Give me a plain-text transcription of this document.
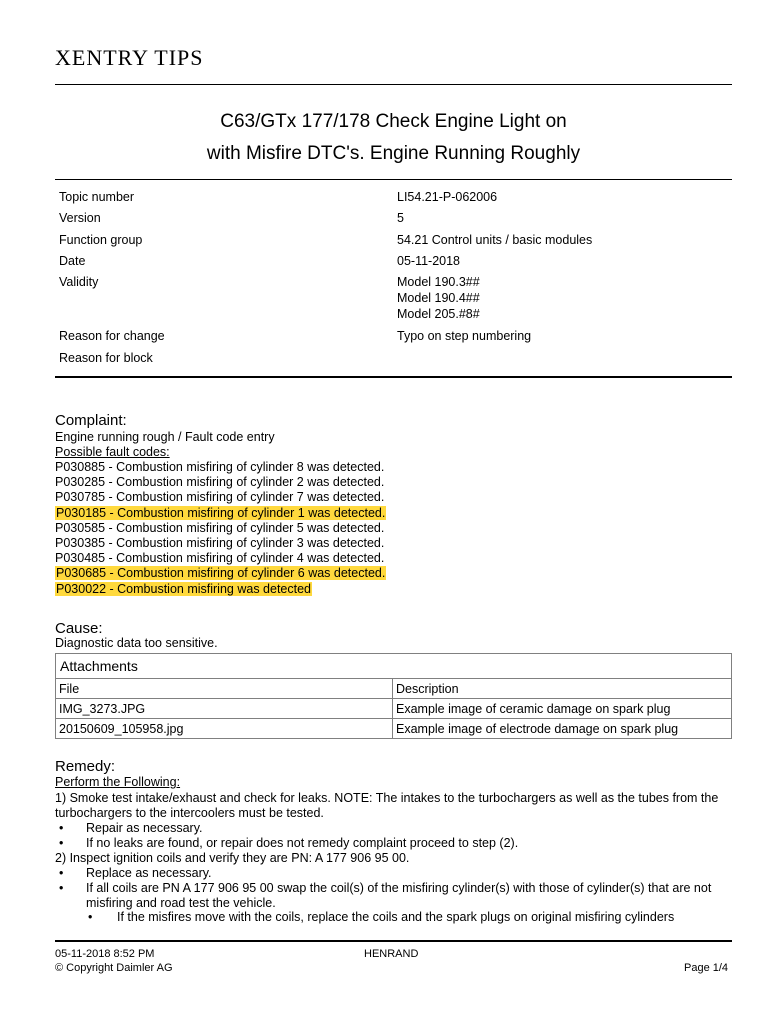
XENTRY TIPS
C63/GTx 177/178 Check Engine Light on
with Misfire DTC's. Engine Running Roughly
Topic number	LI54.21-P-062006
Version	5
Function group	54.21 Control units / basic modules
Date	05-11-2018
Validity	Model 190.3##
Model 190.4##
Model 205.#8#
Reason for change	Typo on step numbering
Reason for block
Complaint:
Engine running rough / Fault code entry
Possible fault codes:
P030885 - Combustion misfiring of cylinder 8 was detected.
P030285 - Combustion misfiring of cylinder 2 was detected.
P030785 - Combustion misfiring of cylinder 7 was detected.
P030185 - Combustion misfiring of cylinder 1 was detected.
P030585 - Combustion misfiring of cylinder 5 was detected.
P030385 - Combustion misfiring of cylinder 3 was detected.
P030485 - Combustion misfiring of cylinder 4 was detected.
P030685 - Combustion misfiring of cylinder 6 was detected.
P030022 - Combustion misfiring was detected
Cause:
Diagnostic data too sensitive.
Attachments	
File	Description
IMG_3273.JPG	Example image of ceramic damage on spark plug
20150609_105958.jpg	Example image of electrode damage on spark plug
Remedy:
Perform the Following:
1) Smoke test intake/exhaust and check for leaks. NOTE: The intakes to the turbochargers as well as the tubes from the turbochargers to the intercoolers must be tested.
• Repair as necessary.
• If no leaks are found, or repair does not remedy complaint proceed to step (2).
2) Inspect ignition coils and verify they are PN: A 177 906 95 00.
• Replace as necessary.
• If all coils are PN A 177 906 95 00 swap the coil(s) of the misfiring cylinder(s) with those of cylinder(s) that are not misfiring and road test the vehicle.
• If the misfires move with the coils, replace the coils and the spark plugs on original misfiring cylinders
05-11-2018 8:52 PM
© Copyright Daimler AG
HENRAND
Page 1/4
